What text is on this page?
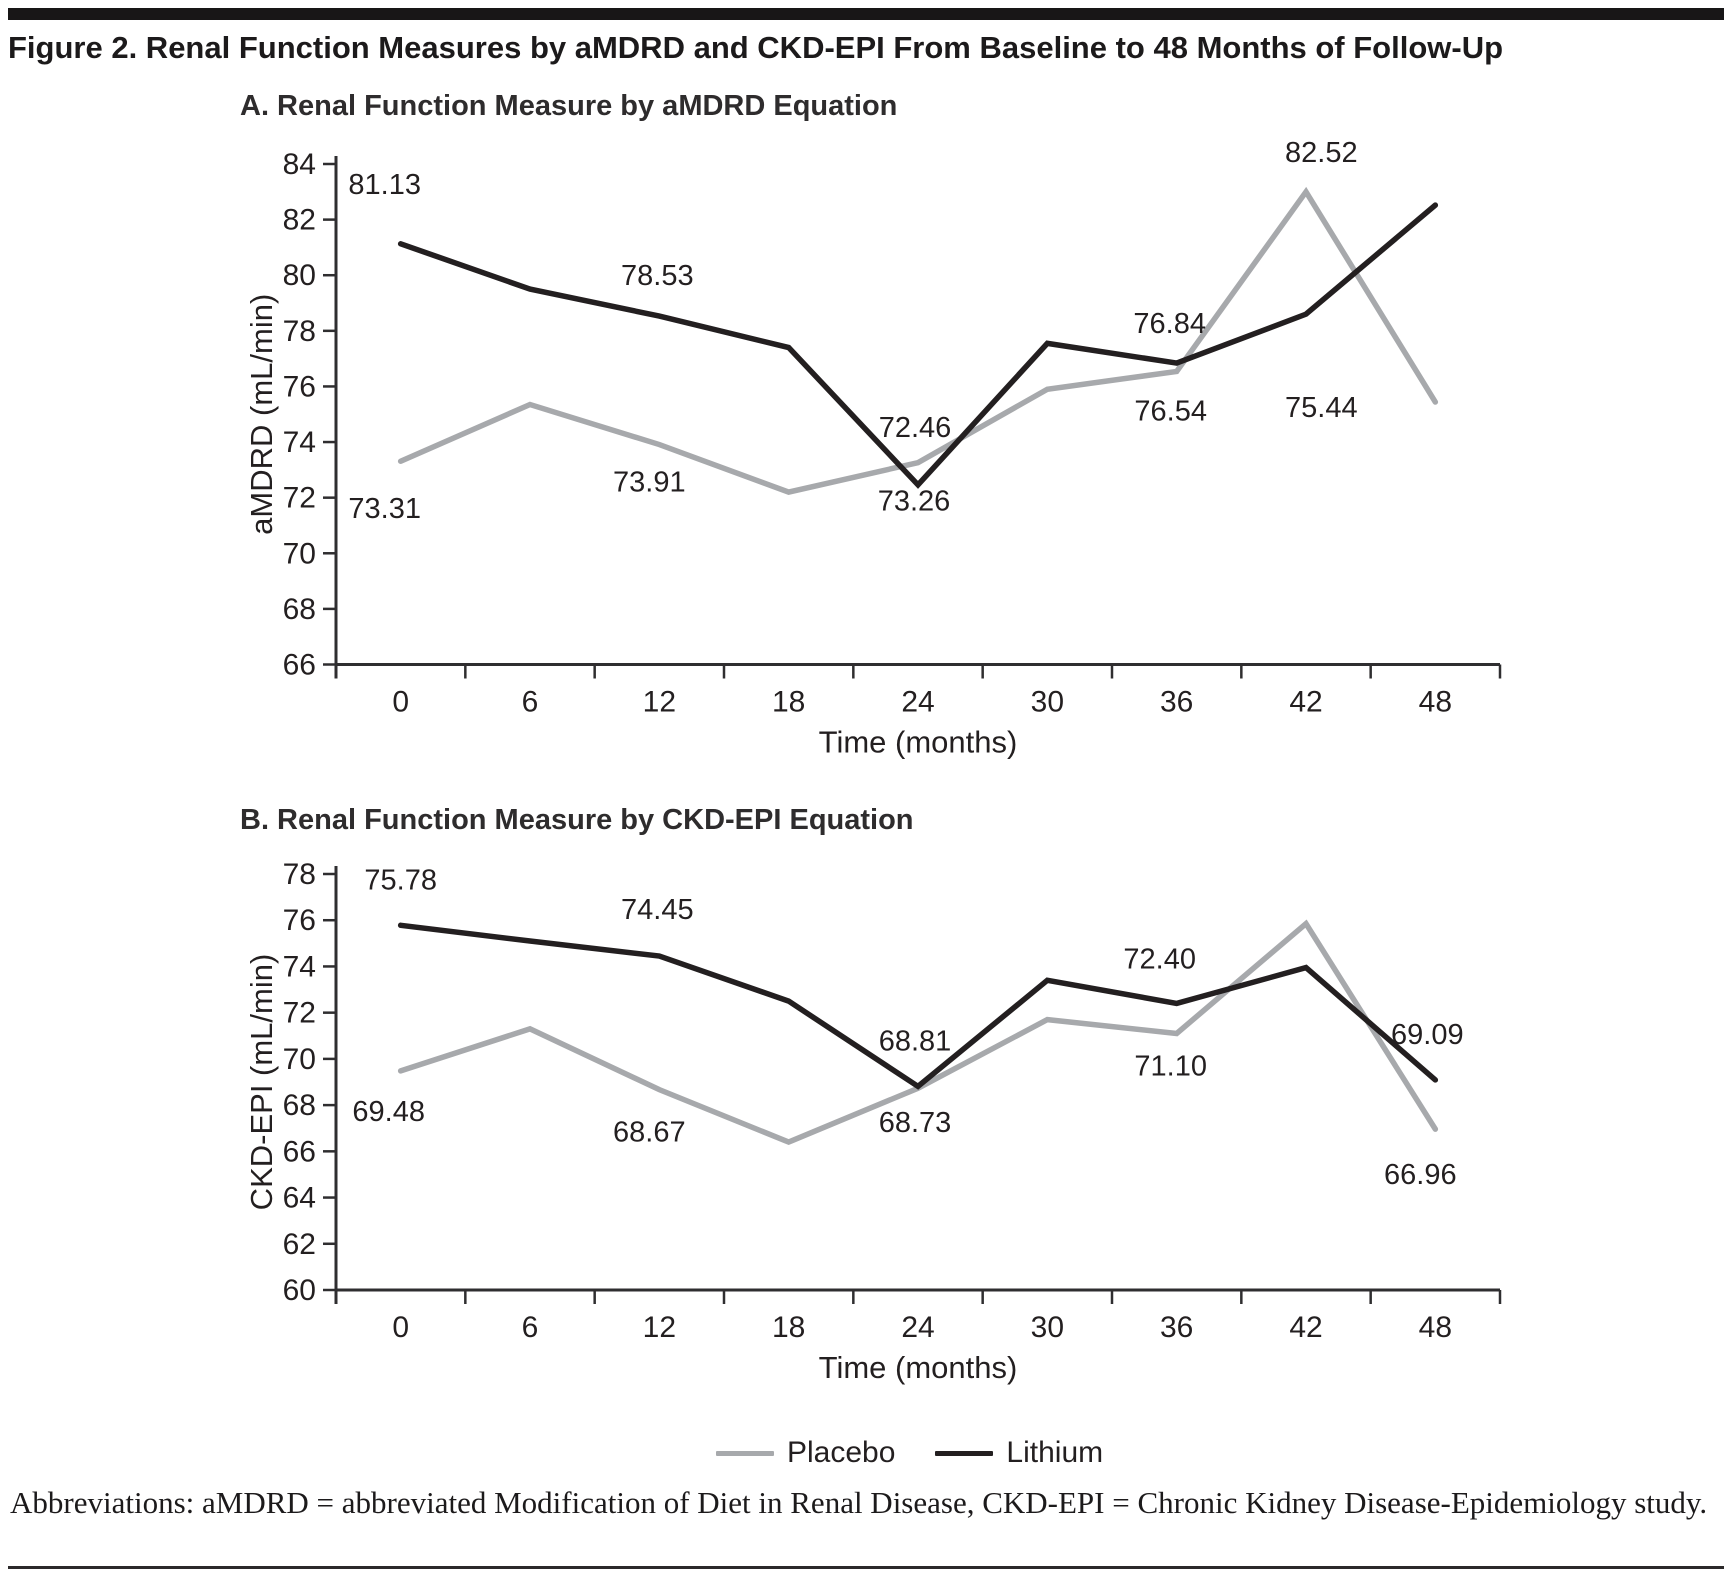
Figure 2. Renal Function Measures by aMDRD and CKD-EPI From Baseline to 48 Months of Follow-Up
A. Renal Function Measure by aMDRD Equation
66
68
70
72
74
76
78
80
82
84
0	6	12	18	24	30	36	42	48
Time (months)
aMDRD (mL/min) 73.31
73.91
73.26
76.54	75.44
81.13
78.53
72.46
76.84
82.52
B. Renal Function Measure by CKD-EPI Equation
60
62
64
66
68
70
72
74
76
78
0	6	12	18	24	30	36	42	48
Time (months)
CKD-EPI (mL/min)	69.48
68.67	68.73
71.10
66.96
75.78
74.45
68.81
72.40
69.09
Placebo	Lithium
Abbreviations: aMDRD = abbreviated Modification of Diet in Renal Disease, CKD-EPI = Chronic Kidney Disease-Epidemiology study.
